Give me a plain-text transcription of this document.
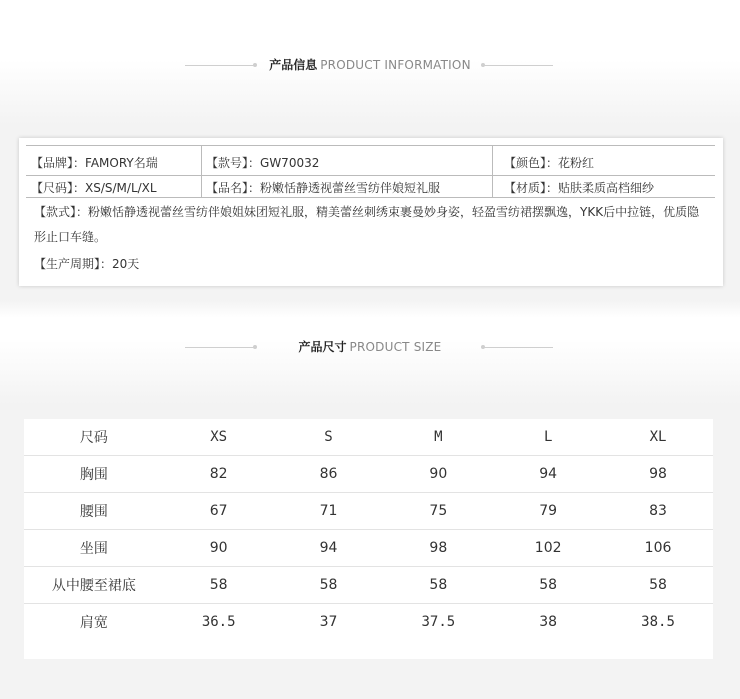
产品信息 PRODUCT INFORMATION
【品牌】：FAMORY名瑞	【款号】：GW70032	【颜色】：花粉红
【尺码】：XS/S/M/L/XL	【品名】：粉嫩恬静透视蕾丝雪纺伴娘短礼服	【材质】：贴肤柔质高档细纱
【款式】：粉嫩恬静透视蕾丝雪纺伴娘姐妹团短礼服，精美蕾丝刺绣束裹曼妙身姿，轻盈雪纺裙摆飘逸，YKK后中拉链，优质隐形止口车缝。
【生产周期】：20天
产品尺寸 PRODUCT SIZE
尺码	XS	S	M	L	XL
胸围	82	86	90	94	98
腰围	67	71	75	79	83
坐围	90	94	98	102	106
从中腰至裙底	58	58	58	58	58
肩宽	36.5	37	37.5	38	38.5
